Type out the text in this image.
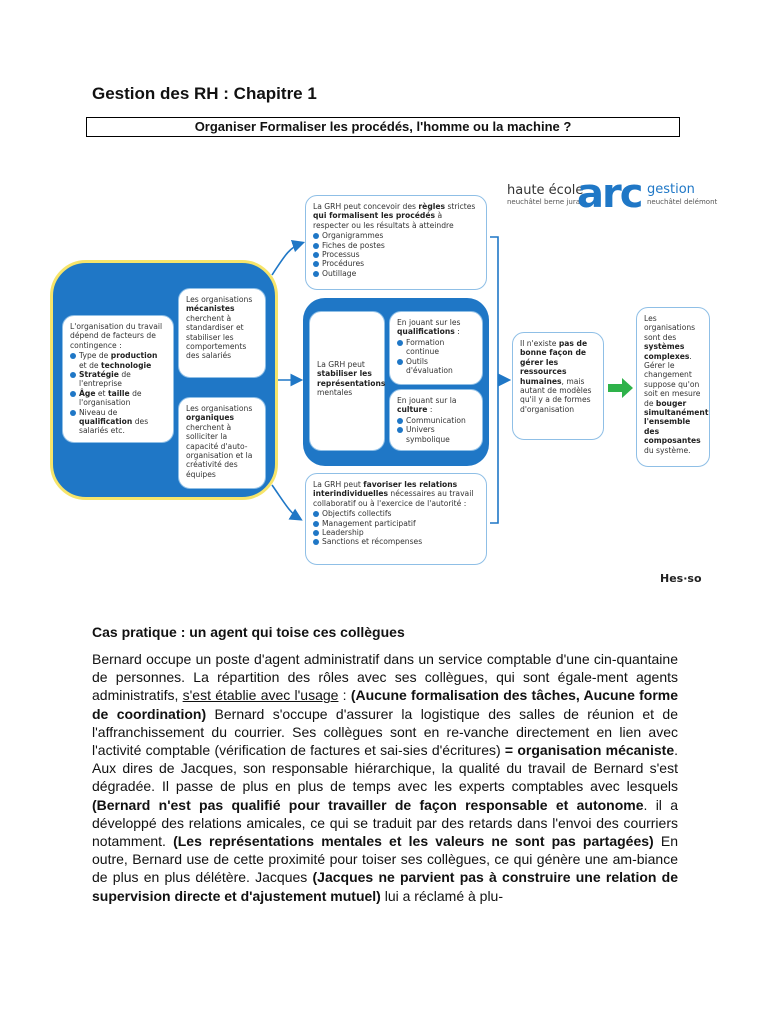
Gestion des RH : Chapitre 1
Organiser Formaliser les procédés, l'homme ou la machine ?
L'organisation du travail dépend de facteurs de contingence :
Type de production et de technologie
Stratégie de l'entreprise
Âge et taille de l'organisation
Niveau de qualification des salariés etc.
Les organisations mécanistes cherchent à standardiser et stabiliser les comportements des salariés
Les organisations organiques cherchent à solliciter la capacité d'auto-organisation et la créativité des équipes
La GRH peut concevoir des règles strictes qui formalisent les procédés à respecter ou les résultats à atteindre
Organigrammes
Fiches de postes
Processus
Procédures
Outillage
La GRH peut stabiliser les représentations mentales
En jouant sur les qualifications :
Formation continue
Outils d'évaluation
En jouant sur la culture :
Communication
Univers symbolique
La GRH peut favoriser les relations interindividuelles nécessaires au travail collaboratif ou à l'exercice de l'autorité :
Objectifs collectifs
Management participatif
Leadership
Sanctions et récompenses
Il n'existe pas de bonne façon de gérer les ressources humaines, mais autant de modèles qu'il y a de formes d'organisation
Les organisations sont des systèmes complexes. Gérer le changement suppose qu'on soit en mesure de bouger simultanément l'ensemble des composantes du système.
haute école
neuchâtel berne jura
arc gestion
neuchâtel delémont
Hes·so
Cas pratique : un agent qui toise ces collègues
Bernard occupe un poste d'agent administratif dans un service comptable d'une cin-quantaine de personnes. La répartition des rôles avec ses collègues, qui sont égale-ment agents administratifs, s'est établie avec l'usage : (Aucune formalisation des tâches, Aucune forme de coordination) Bernard s'occupe d'assurer la logistique des salles de réunion et de l'affranchissement du courrier. Ses collègues sont en re-vanche directement en lien avec l'activité comptable (vérification de factures et sai-sies d'écritures) = organisation mécaniste. Aux dires de Jacques, son responsable hiérarchique, la qualité du travail de Bernard s'est dégradée. Il passe de plus en plus de temps avec les experts comptables avec lesquels (Bernard n'est pas qualifié pour travailler de façon responsable et autonome. il a développé des relations amicales, ce qui se traduit par des retards dans l'envoi des courriers notamment. (Les représentations mentales et les valeurs ne sont pas partagées) En outre, Bernard use de cette proximité pour toiser ses collègues, ce qui génère une am-biance de plus en plus délétère. Jacques (Jacques ne parvient pas à construire une relation de supervision directe et d'ajustement mutuel) lui a réclamé à plu-
